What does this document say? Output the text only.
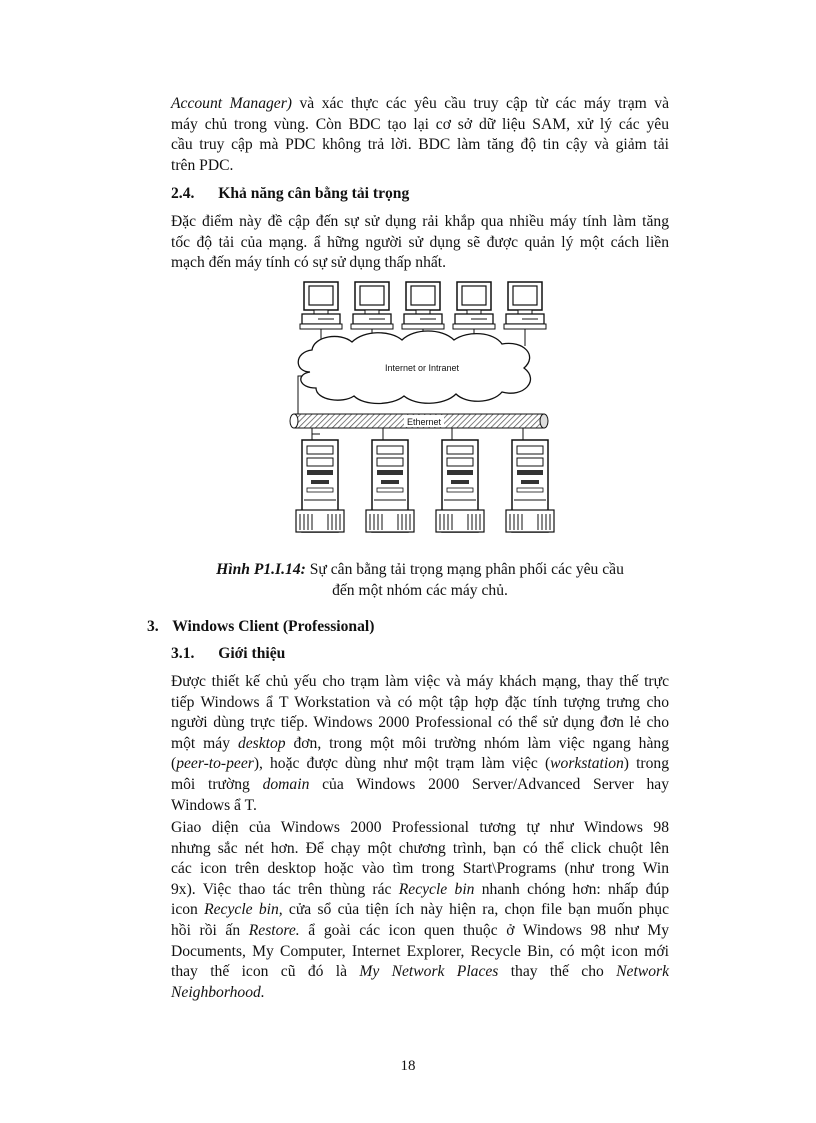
Account Manager) và xác thực các yêu cầu truy cập từ các máy trạm và
máy chủ trong vùng. Còn BDC tạo lại cơ sở dữ liệu SAM, xử lý các yêu
cầu truy cập mà PDC không trả lời. BDC làm tăng độ tin cậy và giảm tải
trên PDC.
2.4. Khả năng cân bằng tải trọng
Đặc điểm này đề cập đến sự sử dụng rải khắp qua nhiều máy tính làm tăng
tốc độ tải của mạng. ẩ hững người sử dụng sẽ được quản lý một cách liền
mạch đến máy tính có sự sử dụng thấp nhất.
Internet or Intranet
Ethernet
Hình P1.I.14: Sự cân bằng tải trọng mạng phân phối các yêu cầu
đến một nhóm các máy chủ.
3. Windows Client (Professional)
3.1. Giới thiệu
Được thiết kế chủ yếu cho trạm làm việc và máy khách mạng, thay thế trực
tiếp Windows ẩ T Workstation và có một tập hợp đặc tính tượng trưng cho
người dùng trực tiếp. Windows 2000 Professional có thể sử dụng đơn lẻ cho
một máy desktop đơn, trong một môi trường nhóm làm việc ngang hàng
(peer-to-peer), hoặc được dùng như một trạm làm việc (workstation) trong
môi trường domain của Windows 2000 Server/Advanced Server hay
Windows ẩ T.
Giao diện của Windows 2000 Professional tương tự như Windows 98
nhưng sắc nét hơn. Để chạy một chương trình, bạn có thể click chuột lên
các icon trên desktop hoặc vào tìm trong Start\Programs (như trong Win
9x). Việc thao tác trên thùng rác Recycle bin nhanh chóng hơn: nhấp đúp
icon Recycle bin, cửa sổ của tiện ích này hiện ra, chọn file bạn muốn phục
hồi rồi ấn Restore. ẩ goài các icon quen thuộc ở Windows 98 như My
Documents, My Computer, Internet Explorer, Recycle Bin, có một icon mới
thay thế icon cũ đó là My Network Places thay thế cho Network
Neighborhood.
18
